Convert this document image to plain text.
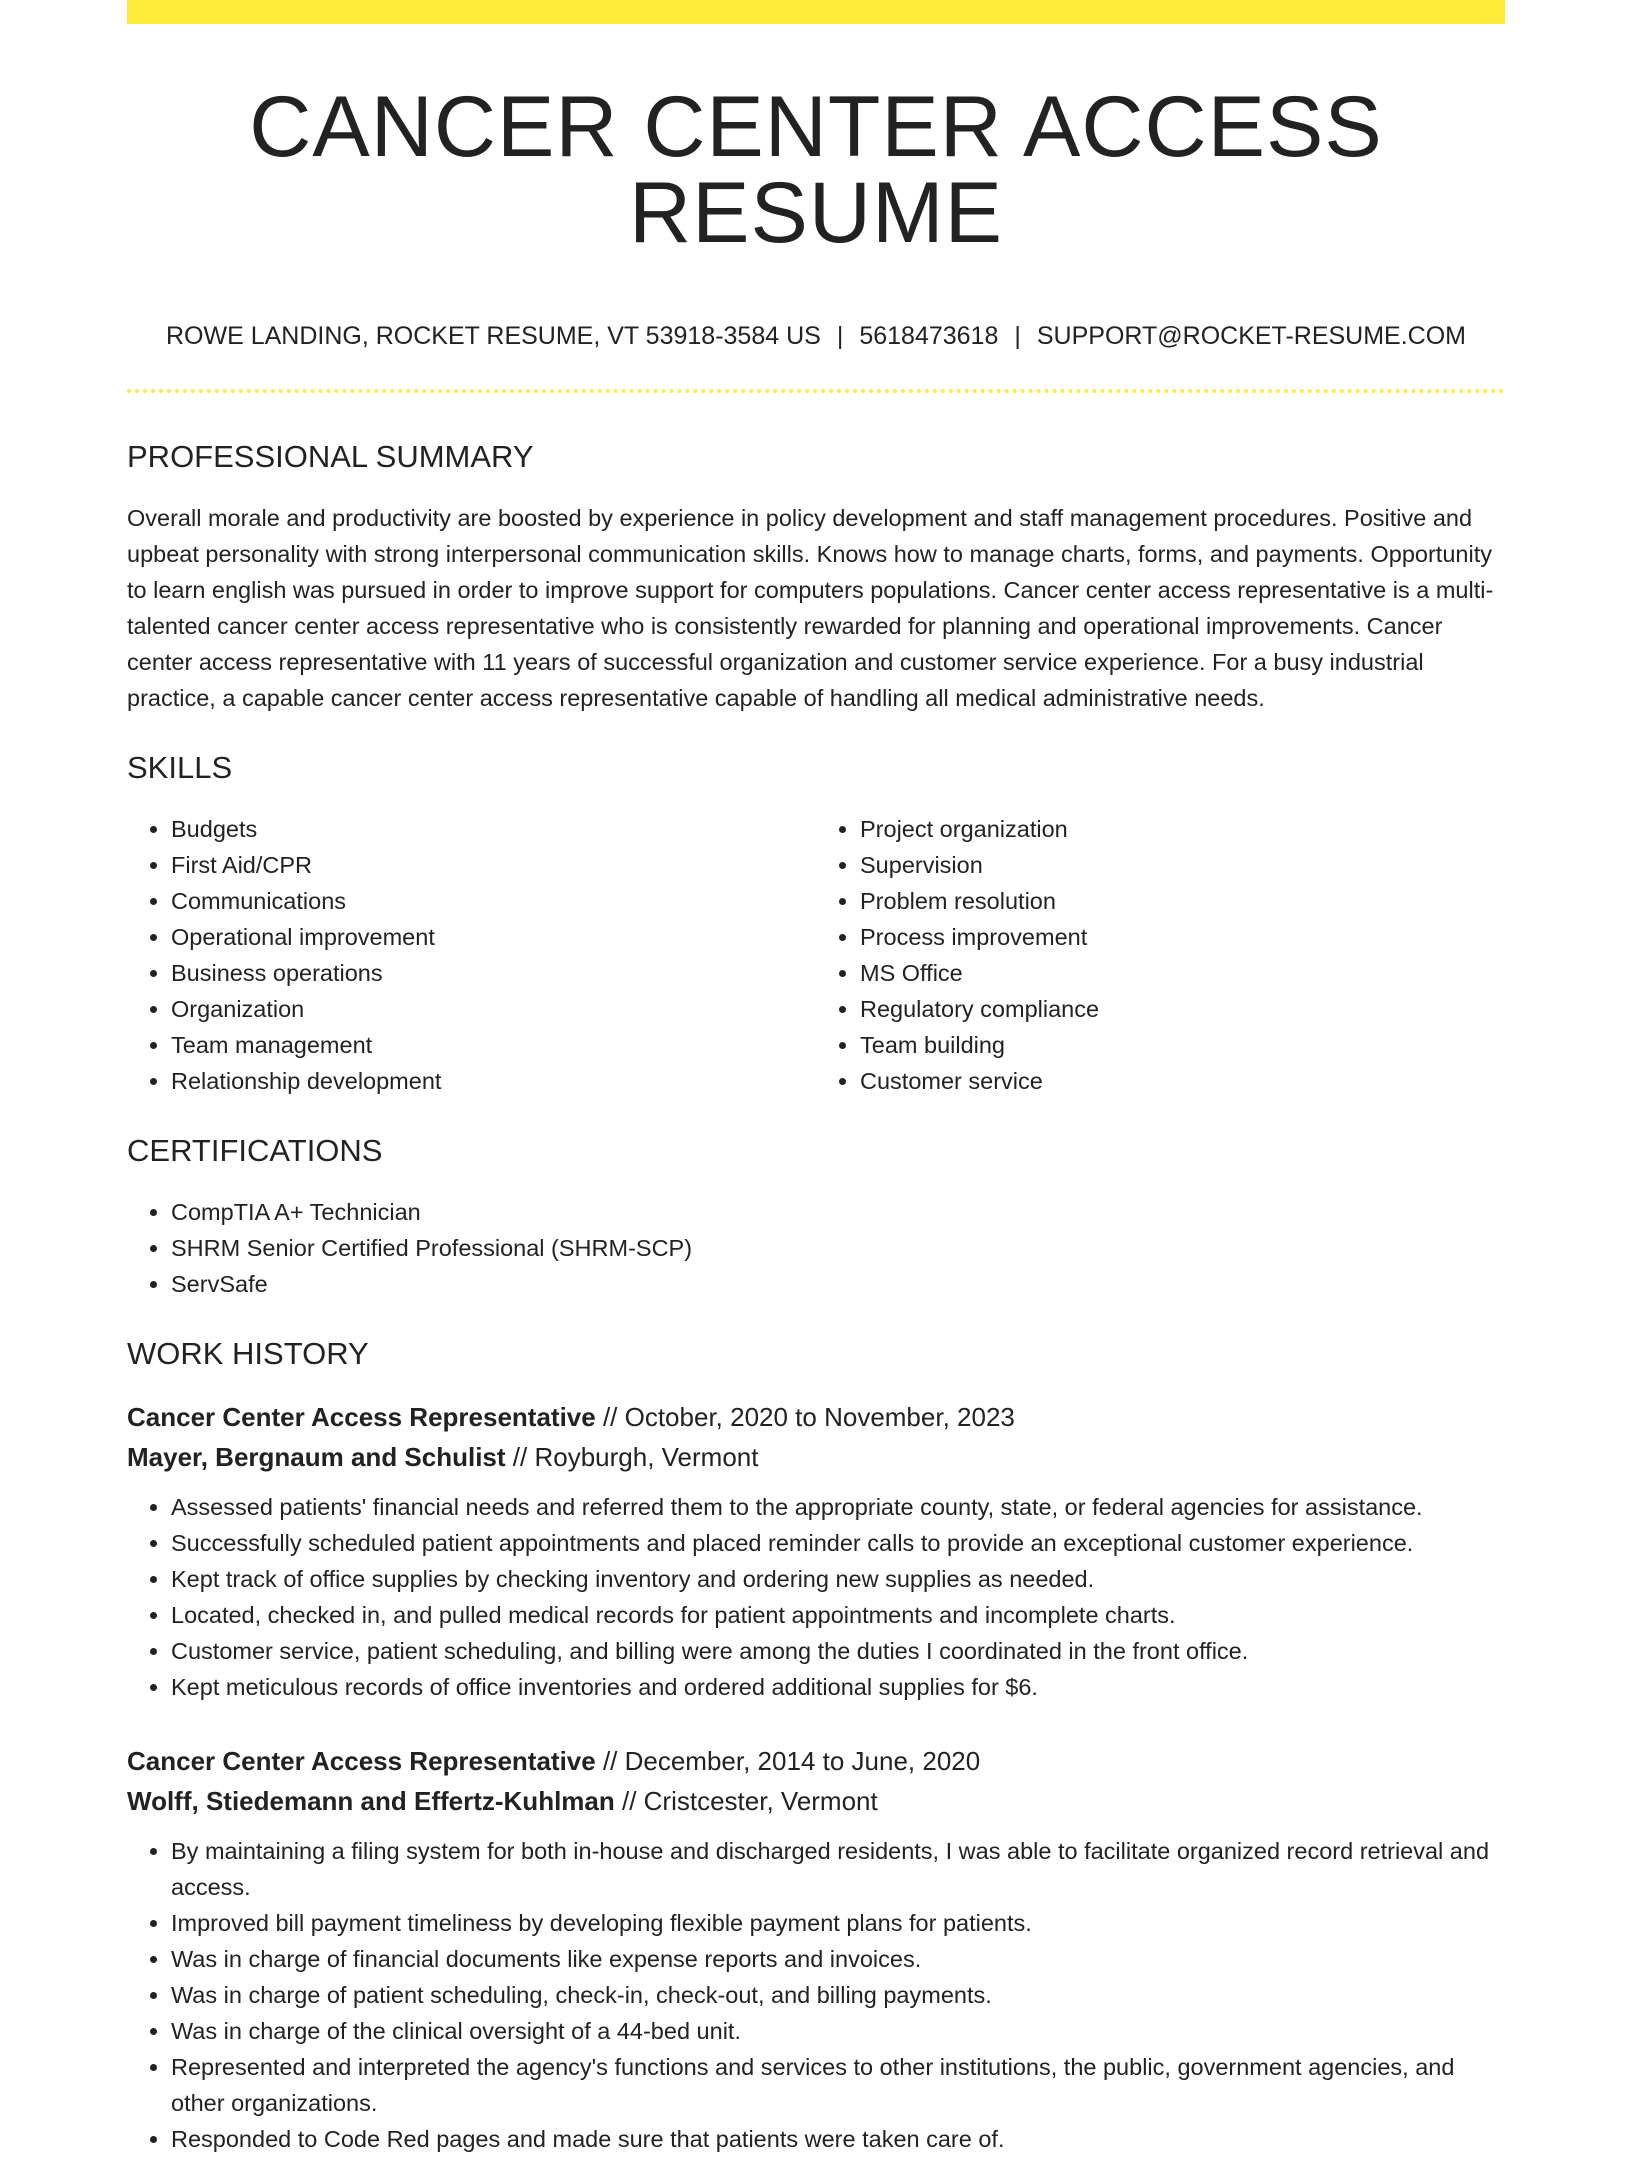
CANCER CENTER ACCESS RESUME
ROWE LANDING, ROCKET RESUME, VT 53918-3584 US | 5618473618 | SUPPORT@ROCKET-RESUME.COM
PROFESSIONAL SUMMARY

Overall morale and productivity are boosted by experience in policy development and staff management procedures. Positive and upbeat personality with strong interpersonal communication skills. Knows how to manage charts, forms, and payments. Opportunity to learn english was pursued in order to improve support for computers populations. Cancer center access representative is a multi-talented cancer center access representative who is consistently rewarded for planning and operational improvements. Cancer center access representative with 11 years of successful organization and customer service experience. For a busy industrial practice, a capable cancer center access representative capable of handling all medical administrative needs.

SKILLS
• Budgets
• First Aid/CPR
• Communications
• Operational improvement
• Business operations
• Organization
• Team management
• Relationship development
• Project organization
• Supervision
• Problem resolution
• Process improvement
• MS Office
• Regulatory compliance
• Team building
• Customer service
CERTIFICATIONS
• CompTIA A+ Technician
• SHRM Senior Certified Professional (SHRM-SCP)
• ServSafe
WORK HISTORY
Cancer Center Access Representative // October, 2020 to November, 2023
Mayer, Bergnaum and Schulist // Royburgh, Vermont
• Assessed patients' financial needs and referred them to the appropriate county, state, or federal agencies for assistance.
• Successfully scheduled patient appointments and placed reminder calls to provide an exceptional customer experience.
• Kept track of office supplies by checking inventory and ordering new supplies as needed.
• Located, checked in, and pulled medical records for patient appointments and incomplete charts.
• Customer service, patient scheduling, and billing were among the duties I coordinated in the front office.
• Kept meticulous records of office inventories and ordered additional supplies for $6.
Cancer Center Access Representative // December, 2014 to June, 2020
Wolff, Stiedemann and Effertz-Kuhlman // Cristcester, Vermont
• By maintaining a filing system for both in-house and discharged residents, I was able to facilitate organized record retrieval and access.
• Improved bill payment timeliness by developing flexible payment plans for patients.
• Was in charge of financial documents like expense reports and invoices.
• Was in charge of patient scheduling, check-in, check-out, and billing payments.
• Was in charge of the clinical oversight of a 44-bed unit.
• Represented and interpreted the agency's functions and services to other institutions, the public, government agencies, and other organizations.
• Responded to Code Red pages and made sure that patients were taken care of.
